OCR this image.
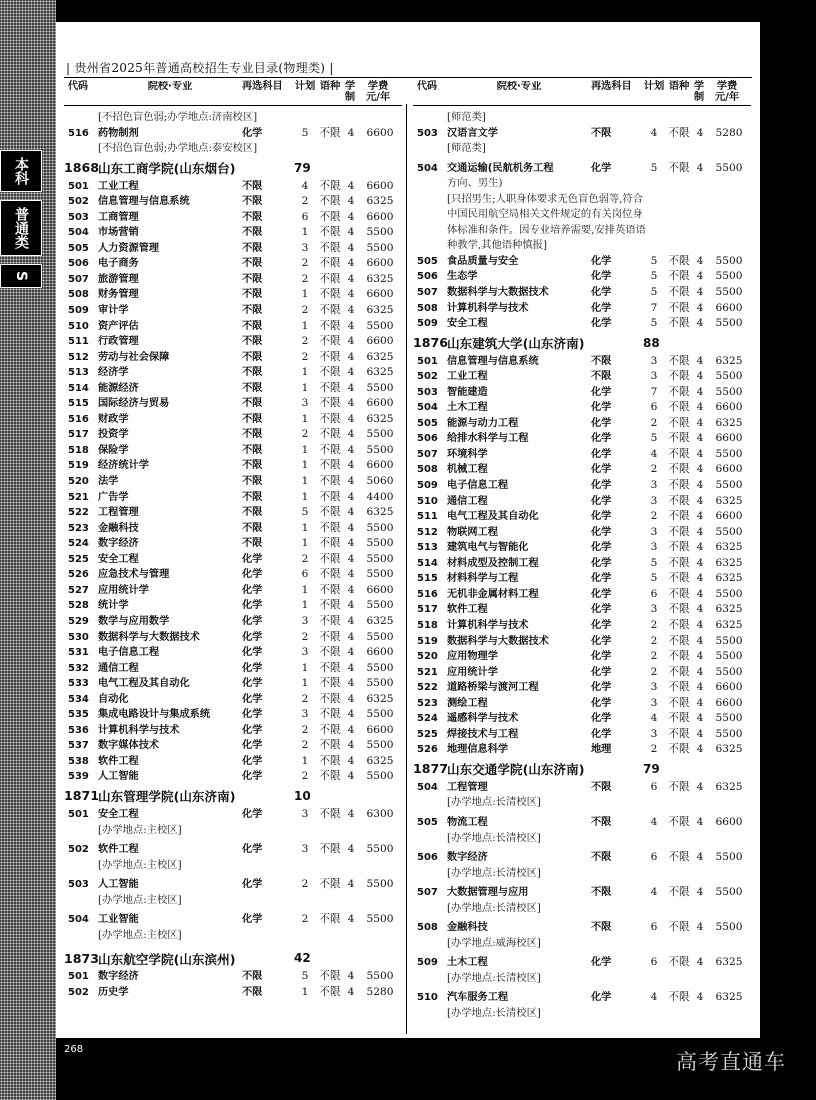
本科
普通类
S
| 贵州省2025年普通高校招生专业目录(物理类) |
代码	院校·专业	再选科目	计划 语种 学制
学费
元/年
[不招色盲色弱;办学地点:济南校区]
516 药物制剂	化学	5	不限 4	6600
[不招色盲色弱;办学地点:泰安校区]
1868
山东工商学院(山东烟台)	79
501 工业工程	不限	4	不限 4	6600
502 信息管理与信息系统	不限	2	不限 4	6325
503 工商管理	不限	6	不限 4	6600
504 市场营销	不限	1	不限 4	5500
505 人力资源管理	不限	3	不限 4	5500
506 电子商务	不限	2	不限 4	6600
507 旅游管理	不限	2	不限 4	6325
508 财务管理	不限	1	不限 4	6600
509 审计学	不限	2	不限 4	6325
510 资产评估	不限	1	不限 4	5500
511 行政管理	不限	2	不限 4	6600
512 劳动与社会保障	不限	2	不限 4	6325
513 经济学	不限	1	不限 4	6325
514 能源经济	不限	1	不限 4	5500
515 国际经济与贸易	不限	3	不限 4	6600
516 财政学	不限	1	不限 4	6325
517 投资学	不限	2	不限 4	5500
518 保险学	不限	1	不限 4	5500
519 经济统计学	不限	1	不限 4	6600
520 法学	不限	1	不限 4	5060
521 广告学	不限	1	不限 4	4400
522 工程管理	不限	5	不限 4	6325
523 金融科技	不限	1	不限 4	5500
524 数字经济	不限	1	不限 4	5500
525 安全工程	化学	2	不限 4	5500
526 应急技术与管理	化学	6	不限 4	5500
527 应用统计学	化学	1	不限 4	6600
528 统计学	化学	1	不限 4	5500
529 数学与应用数学	化学	3	不限 4	6325
530 数据科学与大数据技术	化学	2	不限 4	5500
531 电子信息工程	化学	3	不限 4	6600
532 通信工程	化学	1	不限 4	5500
533 电气工程及其自动化	化学	1	不限 4	5500
534 自动化	化学	2	不限 4	6325
535 集成电路设计与集成系统	化学	3	不限 4	5500
536 计算机科学与技术	化学	2	不限 4	6600
537 数字媒体技术	化学	2	不限 4	5500
538 软件工程	化学	1	不限 4	6325
539 人工智能	化学	2	不限 4	5500
1871
山东管理学院(山东济南)	10
501 安全工程	化学	3	不限 4	6300
[办学地点:主校区]
502 软件工程	化学	3	不限 4	5500
[办学地点:主校区]
503 人工智能	化学	2	不限 4	5500
[办学地点:主校区]
504 工业智能	化学	2	不限 4	5500
[办学地点:主校区]
1873
山东航空学院(山东滨州)	42
501 数字经济	不限	5	不限 4	5500
502 历史学	不限	1	不限 4	5280
代码	院校·专业	再选科目	计划 语种 学制
学费
元/年
[师范类]
503 汉语言文学	不限	4	不限 4	5280
[师范类]
504 交通运输(民航机务工程	化学	5	不限 4	5500
方向、男生)
[只招男生;人职身体要求无色盲色弱等,符合中国民用航空局相关文件规定的有关岗位身体标准和条件。因专业培养需要,安排英语语种教学,其他语种慎报]
505 食品质量与安全	化学	5	不限 4	5500
506 生态学	化学	5	不限 4	5500
507 数据科学与大数据技术	化学	5	不限 4	5500
508 计算机科学与技术	化学	7	不限 4	6600
509 安全工程	化学	5	不限 4	5500
1876
山东建筑大学(山东济南)	88
501 信息管理与信息系统	不限	3	不限 4	6325
502 工业工程	不限	3	不限 4	5500
503 智能建造	化学	7	不限 4	5500
504 土木工程	化学	6	不限 4	6600
505 能源与动力工程	化学	2	不限 4	6325
506 给排水科学与工程	化学	5	不限 4	6600
507 环境科学	化学	4	不限 4	5500
508 机械工程	化学	2	不限 4	6600
509 电子信息工程	化学	3	不限 4	5500
510 通信工程	化学	3	不限 4	6325
511 电气工程及其自动化	化学	2	不限 4	6600
512 物联网工程	化学	3	不限 4	5500
513 建筑电气与智能化	化学	3	不限 4	6325
514 材料成型及控制工程	化学	5	不限 4	6325
515 材料科学与工程	化学	5	不限 4	6325
516 无机非金属材料工程	化学	6	不限 4	5500
517 软件工程	化学	3	不限 4	6325
518 计算机科学与技术	化学	2	不限 4	6325
519 数据科学与大数据技术	化学	2	不限 4	5500
520 应用物理学	化学	2	不限 4	5500
521 应用统计学	化学	2	不限 4	5500
522 道路桥梁与渡河工程	化学	3	不限 4	6600
523 测绘工程	化学	3	不限 4	6600
524 遥感科学与技术	化学	4	不限 4	5500
525 焊接技术与工程	化学	3	不限 4	5500
526 地理信息科学	地理	2	不限 4	6325
1877
山东交通学院(山东济南)	79
504 工程管理	不限	6	不限 4	6325
[办学地点:长清校区]
505 物流工程	不限	4	不限 4	6600
[办学地点:长清校区]
506 数字经济	不限	6	不限 4	5500
[办学地点:长清校区]
507 大数据管理与应用	不限	4	不限 4	5500
[办学地点:长清校区]
508 金融科技	不限	6	不限 4	5500
[办学地点:威海校区]
509 土木工程	化学	6	不限 4	6325
[办学地点:长清校区]
510 汽车服务工程	化学	4	不限 4	6325
[办学地点:长清校区]
268
高考直通车
